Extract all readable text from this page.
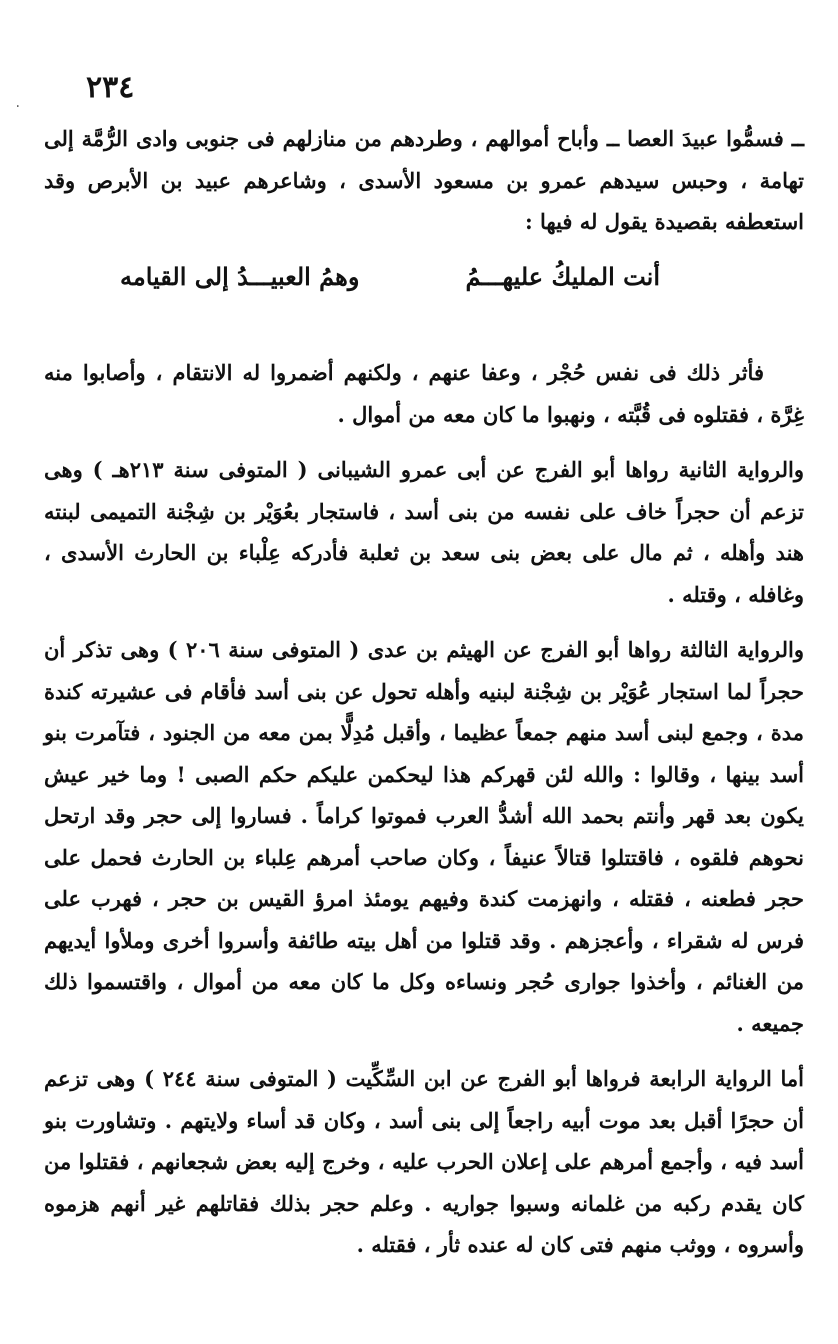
۰
٢٣٤

ــ فسمُّوا عبيدَ العصا ــ وأباح أموالهم ، وطردهم من منازلهم فى جنوبى وادى الرُّمَّة إلى تهامة ، وحبس سيدهم عمرو بن مسعود الأسدى ، وشاعرهم عبيد بن الأبرص وقد استعطفه بقصيدة يقول له فيها :

فأثر ذلك فى نفس حُجْر ، وعفا عنهم ، ولكنهم أضمروا له الانتقام ، وأصابوا منه غِرَّة ، فقتلوه فى قُبَّته ، ونهبوا ما كان معه من أموال .

والرواية الثانية رواها أبو الفرج عن أبى عمرو الشيبانى ( المتوفى سنة ٢١٣هـ ) وهى تزعم أن حجراً خاف على نفسه من بنى أسد ، فاستجار بعُوَيْر بن شِجْنة التميمى لبنته هند وأهله ، ثم مال على بعض بنى سعد بن ثعلبة فأدركه عِلْباء بن الحارث الأسدى ، وغافله ، وقتله .

والرواية الثالثة رواها أبو الفرج عن الهيثم بن عدى ( المتوفى سنة ٢٠٦ ) وهى تذكر أن حجراً لما استجار عُوَيْر بن شِجْنة لبنيه وأهله تحول عن بنى أسد فأقام فى عشيرته كندة مدة ، وجمع لبنى أسد منهم جمعاً عظيما ، وأقبل مُدِلًّا بمن معه من الجنود ، فتآمرت بنو أسد بينها ، وقالوا : والله لئن قهركم هذا ليحكمن عليكم حكم الصبى ! وما خير عيش يكون بعد قهر وأنتم بحمد الله أشدُّ العرب فموتوا كراماً . فساروا إلى حجر وقد ارتحل نحوهم فلقوه ، فاقتتلوا قتالاً عنيفاً ، وكان صاحب أمرهم عِلباء بن الحارث فحمل على حجر فطعنه ، فقتله ، وانهزمت كندة وفيهم يومئذ امرؤ القيس بن حجر ، فهرب على فرس له شقراء ، وأعجزهم . وقد قتلوا من أهل بيته طائفة وأسروا أخرى وملأوا أيديهم من الغنائم ، وأخذوا جوارى حُجر ونساءه وكل ما كان معه من أموال ، واقتسموا ذلك جميعه .

أما الرواية الرابعة فرواها أبو الفرج عن ابن السِّكِّيت ( المتوفى سنة ٢٤٤ ) وهى تزعم أن حجرًا أقبل بعد موت أبيه راجعاً إلى بنى أسد ، وكان قد أساء ولايتهم . وتشاورت بنو أسد فيه ، وأجمع أمرهم على إعلان الحرب عليه ، وخرج إليه بعض شجعانهم ، فقتلوا من كان يقدم ركبه من غلمانه وسبوا جواريه . وعلم حجر بذلك فقاتلهم غير أنهم هزموه وأسروه ، ووثب منهم فتى كان له عنده ثأر ، فقتله .

أنت المليكُ عليهـــمُ
وهمُ العبيـــدُ إلى القيامه
